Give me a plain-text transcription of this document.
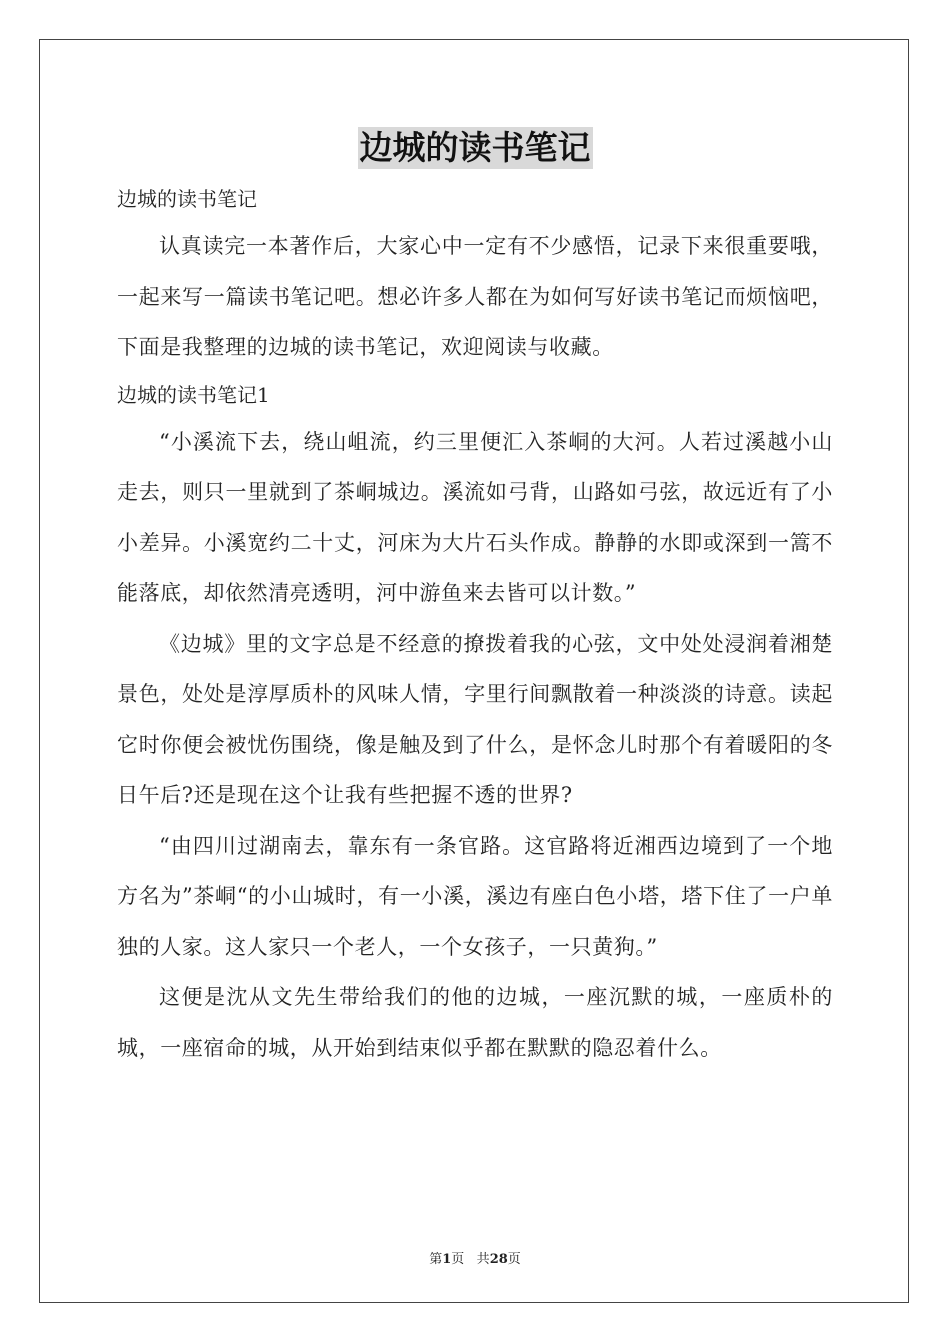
边城的读书笔记
边城的读书笔记

认真读完一本著作后，大家心中一定有不少感悟，记录下来很重要哦，一起来写一篇读书笔记吧。想必许多人都在为如何写好读书笔记而烦恼吧，下面是我整理的边城的读书笔记，欢迎阅读与收藏。

边城的读书笔记1

“小溪流下去，绕山岨流，约三里便汇入茶峒的大河。人若过溪越小山走去，则只一里就到了茶峒城边。溪流如弓背，山路如弓弦，故远近有了小小差异。小溪宽约二十丈，河床为大片石头作成。静静的水即或深到一篙不能落底，却依然清亮透明，河中游鱼来去皆可以计数。”

《边城》里的文字总是不经意的撩拨着我的心弦，文中处处浸润着湘楚景色，处处是淳厚质朴的风味人情，字里行间飘散着一种淡淡的诗意。读起它时你便会被忧伤围绕，像是触及到了什么，是怀念儿时那个有着暖阳的冬日午后?还是现在这个让我有些把握不透的世界?

“由四川过湖南去，靠东有一条官路。这官路将近湘西边境到了一个地方名为”茶峒“的小山城时，有一小溪，溪边有座白色小塔，塔下住了一户单独的人家。这人家只一个老人，一个女孩子，一只黄狗。”

这便是沈从文先生带给我们的他的边城，一座沉默的城，一座质朴的城，一座宿命的城，从开始到结束似乎都在默默的隐忍着什么。

第1页 共28页
